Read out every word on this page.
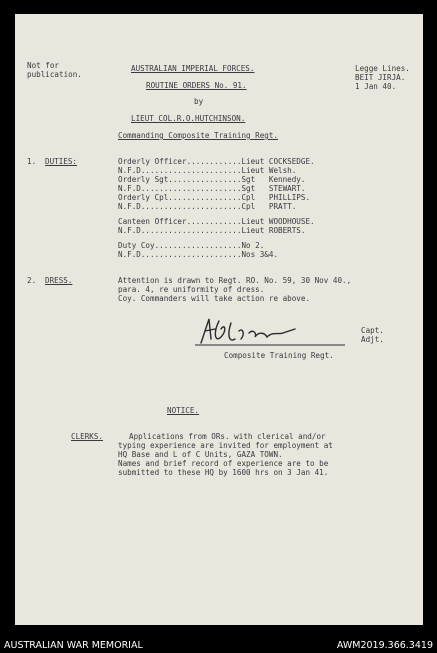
Not for
publication.
AUSTRALIAN IMPERIAL FORCES.
ROUTINE ORDERS No. 91.
by
LIEUT COL.R.O.HUTCHINSON.
Commanding Composite Training Regt.
Legge Lines.
BEIT JIRJA.
1 Jan 40.
1. DUTIES:	Orderly Officer............Lieut COCKSEDGE.
N.F.D......................Lieut Welsh.
Orderly Sgt................Sgt   Kennedy.
N.F.D......................Sgt   STEWART.
Orderly Cpl................Cpl   PHILLIPS.
N.F.D......................Cpl   PRATT.
Canteen Officer............Lieut WOODHOUSE.
N.F.D......................Lieut ROBERTS.
Duty Coy...................No 2.
N.F.D......................Nos 3&4.
2. DRESS.	Attention is drawn to Regt. RO. No. 59, 30 Nov 40.,
para. 4, re uniformity of dress.
Coy. Commanders will take action re above.
Capt.
Adjt.
Composite Training Regt.
NOTICE.
CLERKS.	Applications from ORs. with clerical and/or
typing experience are invited for employment at
HQ Base and L of C Units, GAZA TOWN.
Names and brief record of experience are to be
submitted to these HQ by 1600 hrs on 3 Jan 41.
AUSTRALIAN WAR MEMORIAL	AWM2019.366.3419
